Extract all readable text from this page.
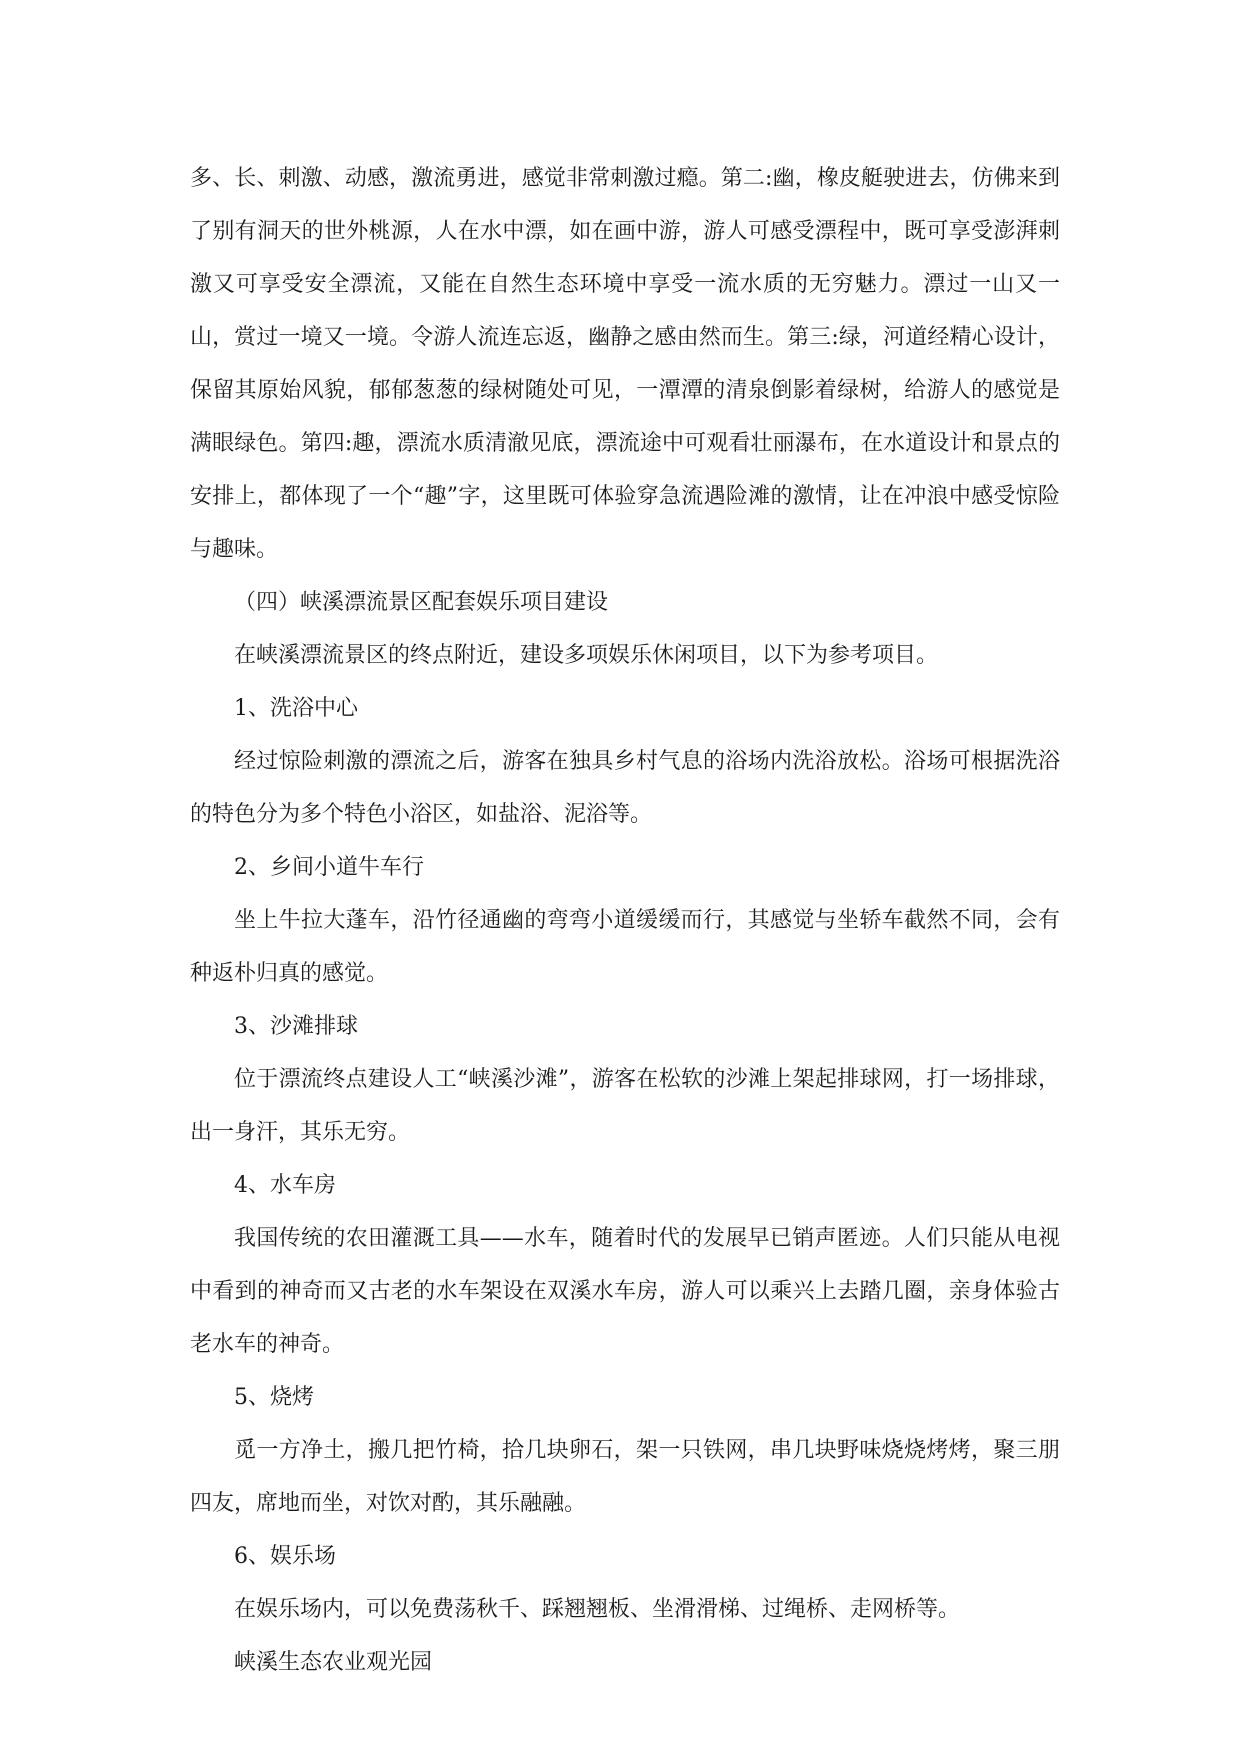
多、长、刺激、动感，激流勇进，感觉非常刺激过瘾。第二:幽，橡皮艇驶进去，仿佛来到了别有洞天的世外桃源，人在水中漂，如在画中游，游人可感受漂程中，既可享受澎湃刺激又可享受安全漂流，又能在自然生态环境中享受一流水质的无穷魅力。漂过一山又一山，赏过一境又一境。令游人流连忘返，幽静之感由然而生。第三:绿，河道经精心设计，保留其原始风貌，郁郁葱葱的绿树随处可见，一潭潭的清泉倒影着绿树，给游人的感觉是满眼绿色。第四:趣，漂流水质清澈见底，漂流途中可观看壮丽瀑布，在水道设计和景点的安排上，都体现了一个“趣”字，这里既可体验穿急流遇险滩的激情，让在冲浪中感受惊险与趣味。

（四）峡溪漂流景区配套娱乐项目建设

在峡溪漂流景区的终点附近，建设多项娱乐休闲项目，以下为参考项目。

1、洗浴中心

经过惊险刺激的漂流之后，游客在独具乡村气息的浴场内洗浴放松。浴场可根据洗浴的特色分为多个特色小浴区，如盐浴、泥浴等。

2、乡间小道牛车行

坐上牛拉大蓬车，沿竹径通幽的弯弯小道缓缓而行，其感觉与坐轿车截然不同，会有种返朴归真的感觉。

3、沙滩排球

位于漂流终点建设人工“峡溪沙滩”，游客在松软的沙滩上架起排球网，打一场排球，出一身汗，其乐无穷。

4、水车房

我国传统的农田灌溉工具——水车，随着时代的发展早已销声匿迹。人们只能从电视中看到的神奇而又古老的水车架设在双溪水车房，游人可以乘兴上去踏几圈，亲身体验古老水车的神奇。

5、烧烤

觅一方净土，搬几把竹椅，拾几块卵石，架一只铁网，串几块野味烧烧烤烤，聚三朋四友，席地而坐，对饮对酌，其乐融融。

6、娱乐场

在娱乐场内，可以免费荡秋千、踩翘翘板、坐滑滑梯、过绳桥、走网桥等。

峡溪生态农业观光园
